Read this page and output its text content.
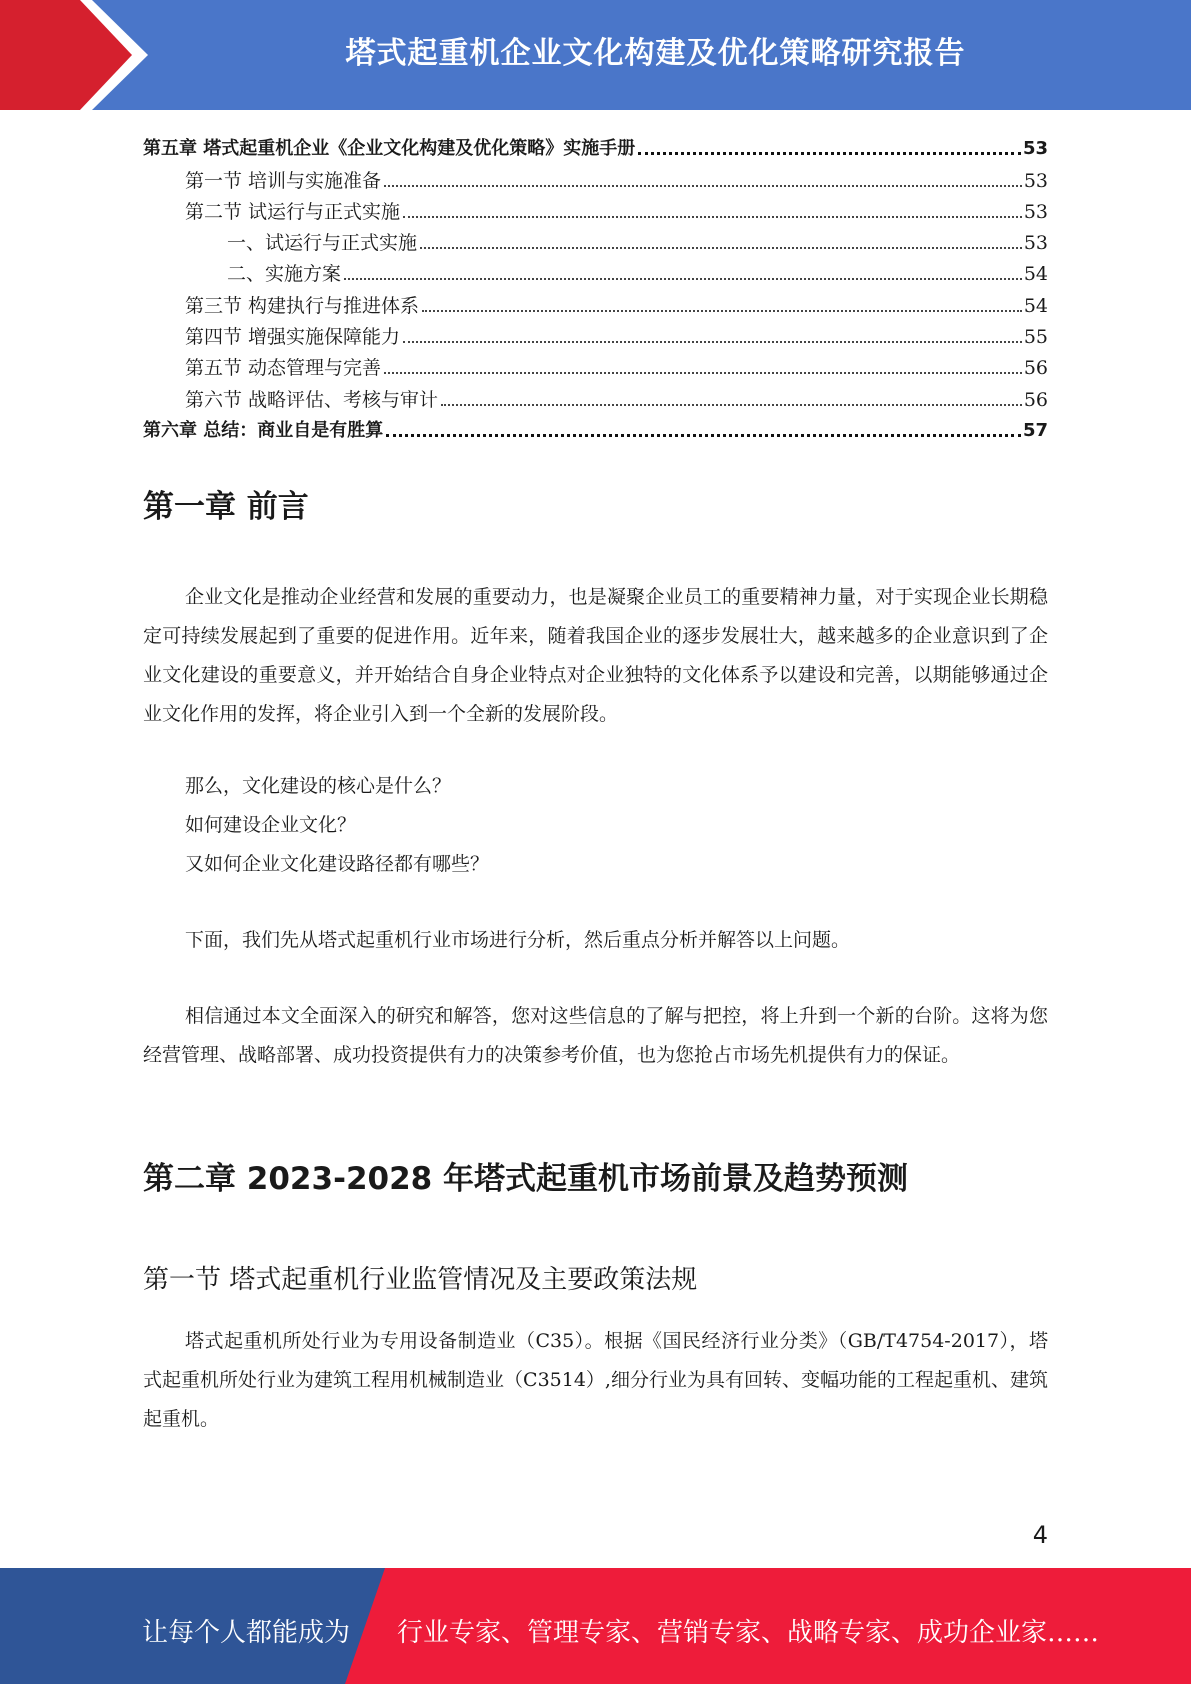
塔式起重机企业文化构建及优化策略研究报告
第五章 塔式起重机企业《企业文化构建及优化策略》实施手册	53
第一节 培训与实施准备	53
第二节 试运行与正式实施	53
一、试运行与正式实施	53
二、实施方案	54
第三节 构建执行与推进体系	54
第四节 增强实施保障能力	55
第五节 动态管理与完善	56
第六节 战略评估、考核与审计	56
第六章 总结：商业自是有胜算	57
第一章 前言

企业文化是推动企业经营和发展的重要动力，也是凝聚企业员工的重要精神力量，对于实现企业长期稳定可持续发展起到了重要的促进作用。近年来，随着我国企业的逐步发展壮大，越来越多的企业意识到了企业文化建设的重要意义，并开始结合自身企业特点对企业独特的文化体系予以建设和完善，以期能够通过企业文化作用的发挥，将企业引入到一个全新的发展阶段。

那么，文化建设的核心是什么？

如何建设企业文化？

又如何企业文化建设路径都有哪些？

下面，我们先从塔式起重机行业市场进行分析，然后重点分析并解答以上问题。

相信通过本文全面深入的研究和解答，您对这些信息的了解与把控，将上升到一个新的台阶。这将为您经营管理、战略部署、成功投资提供有力的决策参考价值，也为您抢占市场先机提供有力的保证。

第二章 2023-2028 年塔式起重机市场前景及趋势预测
第一节 塔式起重机行业监管情况及主要政策法规

塔式起重机所处行业为专用设备制造业（C35）。根据《国民经济行业分类》（GB/T4754-2017），塔式起重机所处行业为建筑工程用机械制造业（C3514）,细分行业为具有回转、变幅功能的工程起重机、建筑起重机。

4
让每个人都能成为 行业专家、管理专家、营销专家、战略专家、成功企业家……
